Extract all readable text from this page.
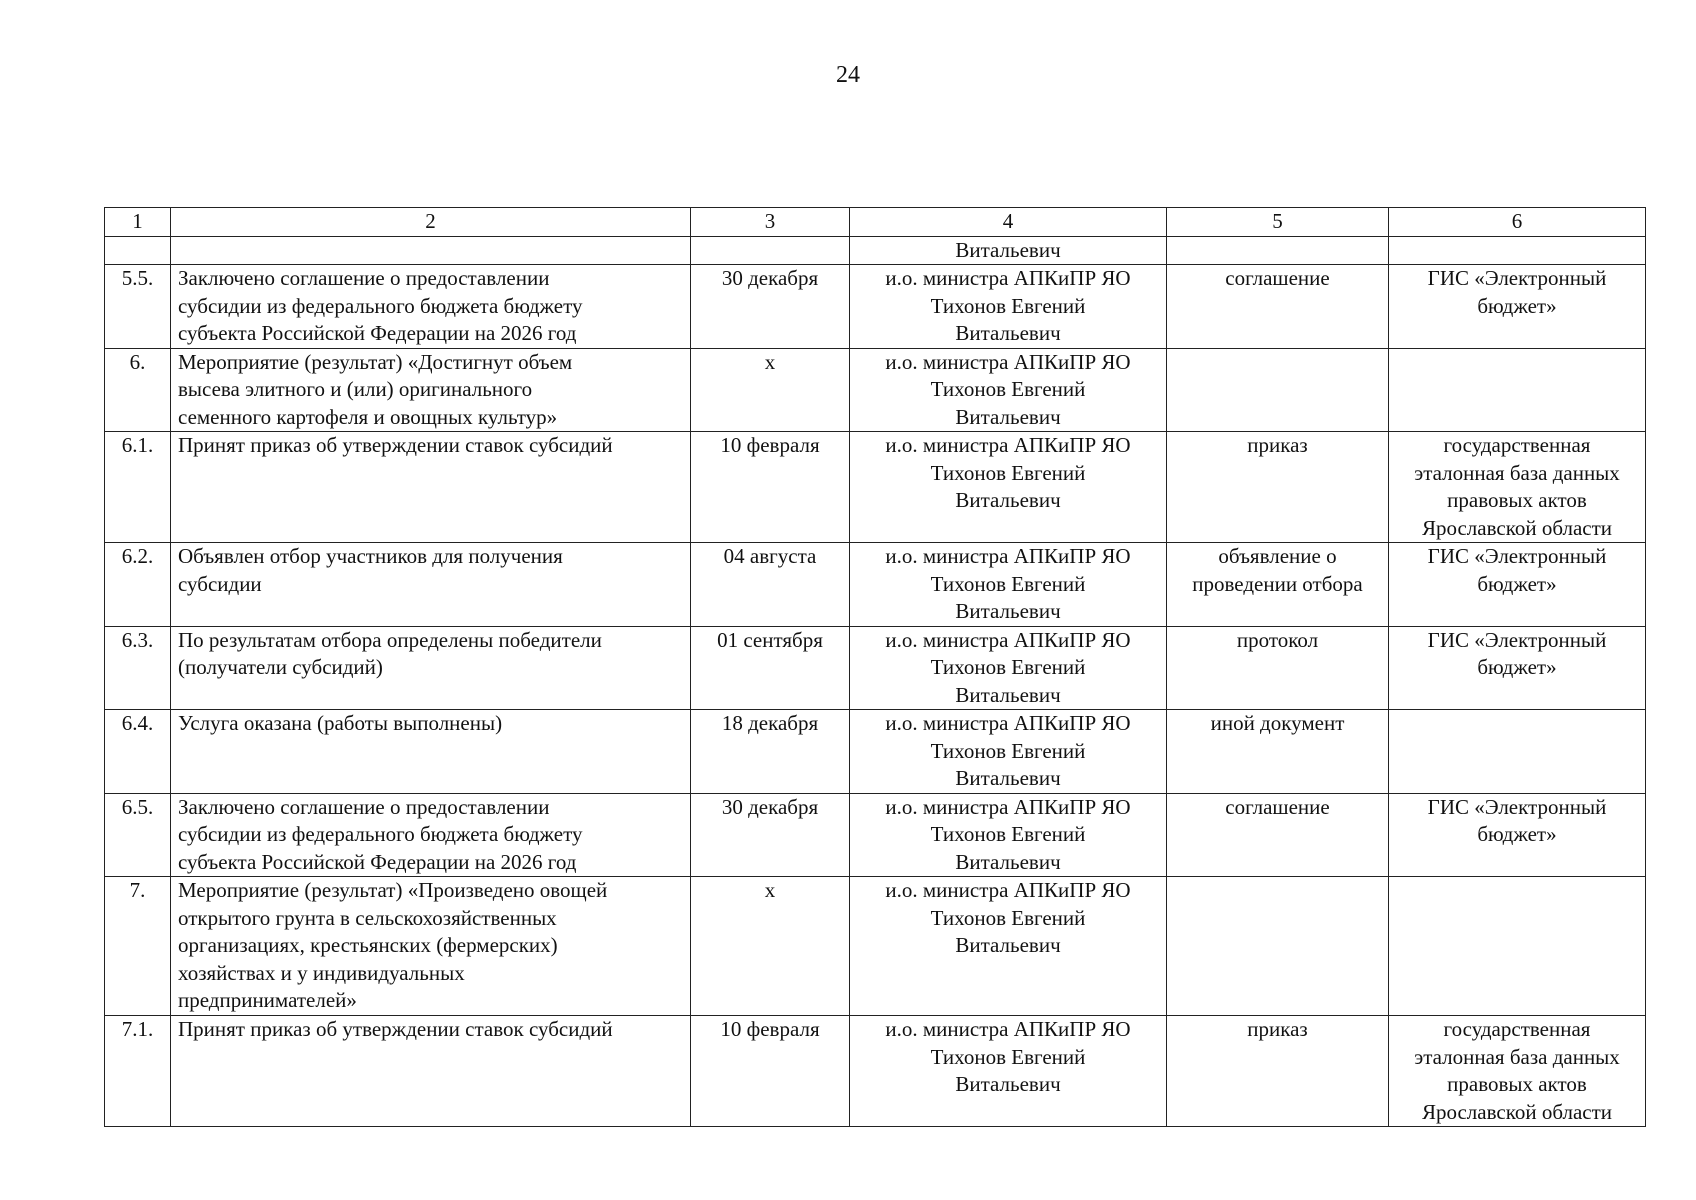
24
1	2	3	4	5	6

			Витальевич		

5.5.	Заключено соглашение о предоставлении
субсидии из федерального бюджета бюджету
субъекта Российской Федерации на 2026 год	30 декабря	и.о. министра АПКиПР ЯО
Тихонов Евгений
Витальевич	соглашение	ГИС «Электронный
бюджет»

6.	Мероприятие (результат) «Достигнут объем
высева элитного и (или) оригинального
семенного картофеля и овощных культур»	х	и.о. министра АПКиПР ЯО
Тихонов Евгений
Витальевич		

6.1.	Принят приказ об утверждении ставок субсидий	10 февраля	и.о. министра АПКиПР ЯО
Тихонов Евгений
Витальевич	приказ	государственная
эталонная база данных
правовых актов
Ярославской области

6.2.	Объявлен отбор участников для получения
субсидии	04 августа	и.о. министра АПКиПР ЯО
Тихонов Евгений
Витальевич	объявление о
проведении отбора	ГИС «Электронный
бюджет»

6.3.	По результатам отбора определены победители
(получатели субсидий)	01 сентября	и.о. министра АПКиПР ЯО
Тихонов Евгений
Витальевич	протокол	ГИС «Электронный
бюджет»

6.4.	Услуга оказана (работы выполнены)	18 декабря	и.о. министра АПКиПР ЯО
Тихонов Евгений
Витальевич	иной документ	

6.5.	Заключено соглашение о предоставлении
субсидии из федерального бюджета бюджету
субъекта Российской Федерации на 2026 год	30 декабря	и.о. министра АПКиПР ЯО
Тихонов Евгений
Витальевич	соглашение	ГИС «Электронный
бюджет»

7.	Мероприятие (результат) «Произведено овощей
открытого грунта в сельскохозяйственных
организациях, крестьянских (фермерских)
хозяйствах и у индивидуальных
предпринимателей»	х	и.о. министра АПКиПР ЯО
Тихонов Евгений
Витальевич		

7.1.	Принят приказ об утверждении ставок субсидий	10 февраля	и.о. министра АПКиПР ЯО
Тихонов Евгений
Витальевич	приказ	государственная
эталонная база данных
правовых актов
Ярославской области
